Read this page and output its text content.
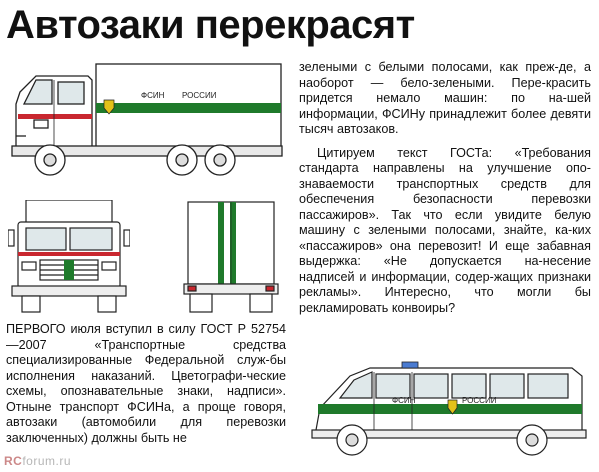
Автозаки перекрасят
ФСИН РОССИИ

зелеными с белыми полосами, как преж-де, а наоборот — бело-зелеными. Пере-красить придется немало машин: по на-шей информации, ФСИНу принадлежит более девяти тысяч автозаков.

Цитируем текст ГОСТа: «Требования стандарта направлены на улучшение опо-знаваемости транспортных средств для обеспечения безопасности перевозки пассажиров». Так что если увидите белую машину с зелеными полосами, знайте, ка-ких «пассажиров» она перевозит! И еще забавная выдержка: «Не допускается на-несение надписей и информации, содер-жащих признаки рекламы». Интересно, что могли бы рекламировать конвоиры?

ПЕРВОГО июля вступил в силу ГОСТ Р 52754—2007 «Транспортные средства специализированные Федеральной служ-бы исполнения наказаний. Цветографи-ческие схемы, опознавательные знаки, надписи». Отныне транспорт ФСИНа, а проще говоря, автозаки (автомобили для перевозки заключенных) должны быть не

ФСИН	РОССИИ
RCforum.ru
